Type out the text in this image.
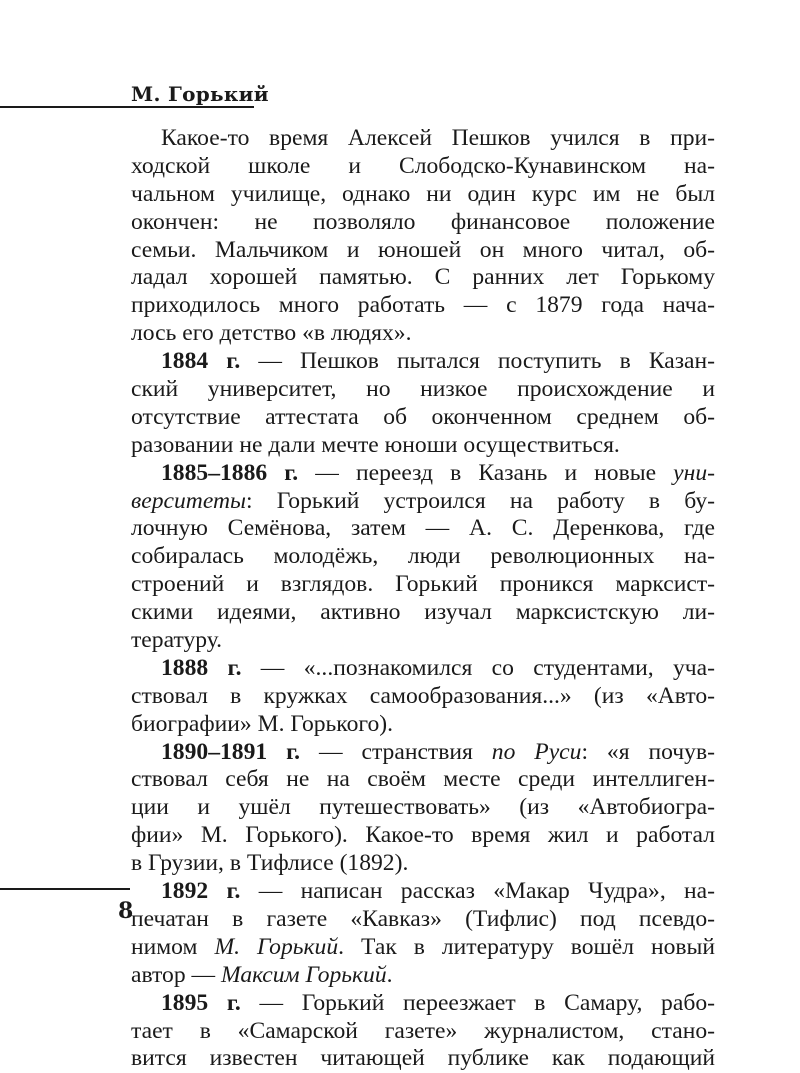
М. Горький
Какое-то время Алексей Пешков учился в при-
ходской школе и Слободско-Кунавинском на-
чальном училище, однако ни один курс им не был
окончен: не позволяло финансовое положение
семьи. Мальчиком и юношей он много читал, об-
ладал хорошей памятью. С ранних лет Горькому
приходилось много работать — с 1879 года нача-
лось его детство «в людях».
1884 г. — Пешков пытался поступить в Казан-
ский университет, но низкое происхождение и
отсутствие аттестата об оконченном среднем об-
разовании не дали мечте юноши осуществиться.
1885–1886 г. — переезд в Казань и новые уни-
верситеты: Горький устроился на работу в бу-
лочную Семёнова, затем — А. С. Деренкова, где
собиралась молодёжь, люди революционных на-
строений и взглядов. Горький проникся марксист-
скими идеями, активно изучал марксистскую ли-
тературу.
1888 г. — «...познакомился со студентами, уча-
ствовал в кружках самообразования...» (из «Авто-
биографии» М. Горького).
1890–1891 г. — странствия по Руси: «я почув-
ствовал себя не на своём месте среди интеллиген-
ции и ушёл путешествовать» (из «Автобиогра-
фии» М. Горького). Какое-то время жил и работал
в Грузии, в Тифлисе (1892).
1892 г. — написан рассказ «Макар Чудра», на-
печатан в газете «Кавказ» (Тифлис) под псевдо-
нимом М. Горький. Так в литературу вошёл новый
автор — Максим Горький.
1895 г. — Горький переезжает в Самару, рабо-
тает в «Самарской газете» журналистом, стано-
вится известен читающей публике как подающий
8
